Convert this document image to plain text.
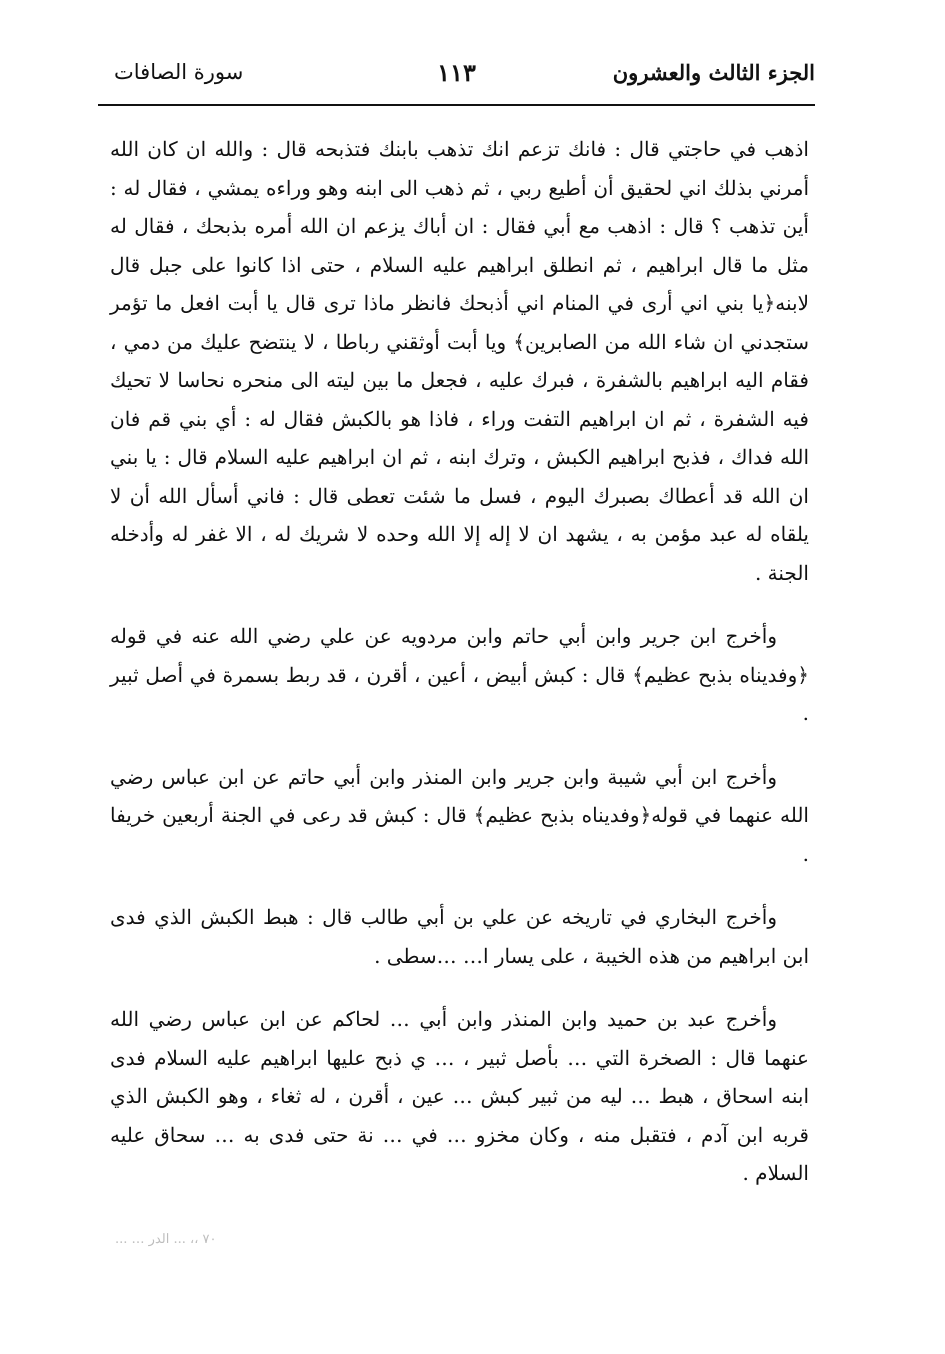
الجزء الثالث والعشرون
١١٣
سورة الصافات

اذهب في حاجتي قال : فانك تزعم انك تذهب بابنك فتذبحه قال : والله ان كان الله أمرني بذلك اني لحقيق أن أطيع ربي ، ثم ذهب الى ابنه وهو وراءه يمشي ، فقال له : أين تذهب ؟ قال : اذهب مع أبي فقال : ان أباك يزعم ان الله أمره بذبحك ، فقال له مثل ما قال ابراهيم ، ثم انطلق ابراهيم عليه السلام ، حتى اذا كانوا على جبل قال لابنه﴿يا بني اني أرى في المنام اني أذبحك فانظر ماذا ترى قال يا أبت افعل ما تؤمر ستجدني ان شاء الله من الصابرين﴾ ويا أبت أوثقني رباطا ، لا ينتضح عليك من دمي ، فقام اليه ابراهيم بالشفرة ، فبرك عليه ، فجعل ما بين ليته الى منحره نحاسا لا تحيك فيه الشفرة ، ثم ان ابراهيم التفت وراء ، فاذا هو بالكبش فقال له : أي بني قم فان الله فداك ، فذبح ابراهيم الكبش ، وترك ابنه ، ثم ان ابراهيم عليه السلام قال : يا بني ان الله قد أعطاك بصبرك اليوم ، فسل ما شئت تعطى قال : فاني أسأل الله أن لا يلقاه له عبد مؤمن به ، يشهد ان لا إله إلا الله وحده لا شريك له ، الا غفر له وأدخله الجنة .

وأخرج ابن جرير وابن أبي حاتم وابن مردويه عن علي رضي الله عنه في قوله ﴿وفديناه بذبح عظيم﴾ قال : كبش أبيض ، أعين ، أقرن ، قد ربط بسمرة في أصل ثبير .

وأخرج ابن أبي شيبة وابن جرير وابن المنذر وابن أبي حاتم عن ابن عباس رضي الله عنهما في قوله﴿وفديناه بذبح عظيم﴾ قال : كبش قد رعى في الجنة أربعين خريفا .

وأخرج البخاري في تاريخه عن علي بن أبي طالب قال : هبط الكبش الذي فدى ابن ابراهيم من هذه الخيبة ، على يسار ا… …سطى .

وأخرج عبد بن حميد وابن المنذر وابن أبي … لحاكم عن ابن عباس رضي الله عنهما قال : الصخرة التي … بأصل ثبير ، … ي ذبح عليها ابراهيم عليه السلام فدى ابنه اسحاق ، هبط … ليه من ثبير كبش … عين ، أقرن ، له ثغاء ، وهو الكبش الذي قربه ابن آدم ، فتقبل منه ، وكان مخزو … في … نة حتى فدى به … سحاق عليه السلام .

٧٠ ،، ... الدر … ...
